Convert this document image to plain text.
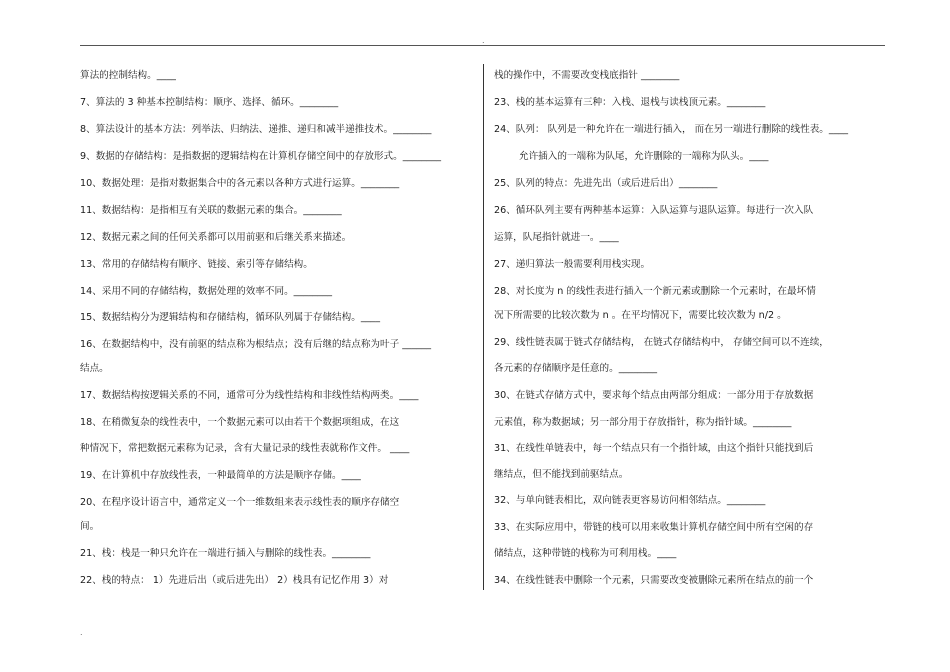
.
.
算法的控制结构。____
7、算法的 3 种基本控制结构：顺序、选择、循环。________
8、算法设计的基本方法：列举法、归纳法、递推、递归和减半递推技术。________
9、数据的存储结构：是指数据的逻辑结构在计算机存储空间中的存放形式。________
10、数据处理：是指对数据集合中的各元素以各种方式进行运算。________
11、数据结构：是指相互有关联的数据元素的集合。________
12、数据元素之间的任何关系都可以用前驱和后继关系来描述。
13、常用的存储结构有顺序、链接、索引等存储结构。
14、采用不同的存储结构，数据处理的效率不同。________
15、数据结构分为逻辑结构和存储结构，循环队列属于存储结构。____
16、在数据结构中，没有前驱的结点称为根结点；没有后继的结点称为叶子 ______
结点。
17、数据结构按逻辑关系的不同，通常可分为线性结构和非线性结构两类。____
18、在稍微复杂的线性表中，一个数据元素可以由若干个数据项组成，在这
种情况下，常把数据元素称为记录，含有大量记录的线性表就称作文件。 ____
19、在计算机中存放线性表，一种最简单的方法是顺序存储。____
20、在程序设计语言中，通常定义一个一维数组来表示线性表的顺序存储空
间。
21、栈：栈是一种只允许在一端进行插入与删除的线性表。________
22、栈的特点： 1）先进后出（或后进先出） 2）栈具有记忆作用 3）对
栈的操作中，不需要改变栈底指针 ________
23、栈的基本运算有三种：入栈、退栈与读栈顶元素。________
24、队列： 队列是一种允许在一端进行插入， 而在另一端进行删除的线性表。____
允许插入的一端称为队尾，允许删除的一端称为队头。____
25、队列的特点：先进先出（或后进后出）________
26、循环队列主要有两种基本运算：入队运算与退队运算。每进行一次入队
运算，队尾指针就进一。____
27、递归算法一般需要利用栈实现。
28、对长度为 n 的线性表进行插入一个新元素或删除一个元素时，在最坏情
况下所需要的比较次数为 n 。在平均情况下，需要比较次数为 n/2 。
29、线性链表属于链式存储结构， 在链式存储结构中， 存储空间可以不连续，
各元素的存储顺序是任意的。________
30、在链式存储方式中，要求每个结点由两部分组成：一部分用于存放数据
元素值，称为数据域；另一部分用于存放指针，称为指针域。________
31、在线性单链表中，每一个结点只有一个指针域，由这个指针只能找到后
继结点，但不能找到前驱结点。
32、与单向链表相比，双向链表更容易访问相邻结点。________
33、在实际应用中，带链的栈可以用来收集计算机存储空间中所有空闲的存
储结点，这种带链的栈称为可利用栈。____
34、在线性链表中删除一个元素，只需要改变被删除元素所在结点的前一个
